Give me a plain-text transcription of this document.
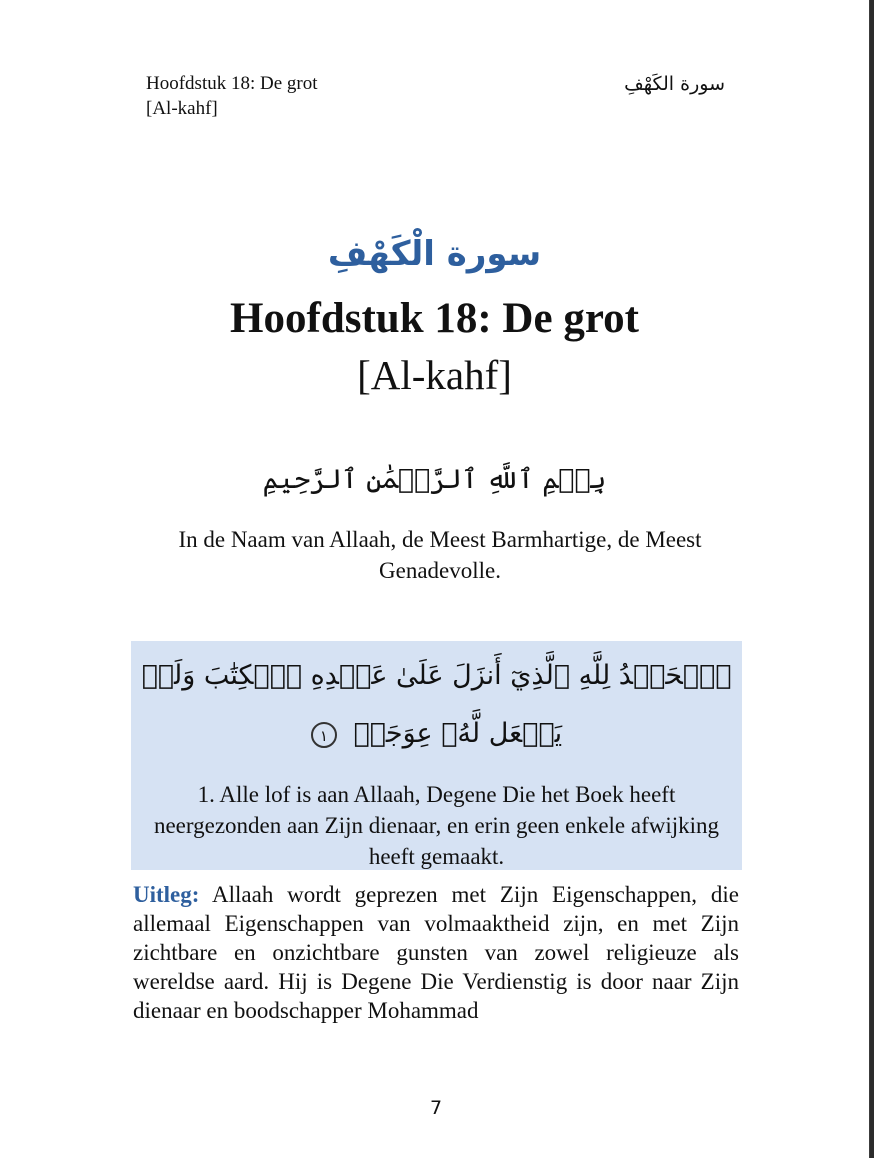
Hoofdstuk 18: De grot
[Al-kahf]
سورة الكَهْفِ
سورة الْكَهْفِ
Hoofdstuk 18: De grot
[Al-kahf]
بِسۡمِ ٱللَّهِ ٱلرَّحۡمَٰنِ ٱلرَّحِيمِ
In de Naam van Allaah, de Meest Barmhartige, de Meest Genadevolle.
ٱلۡحَمۡدُ لِلَّهِ ٱلَّذِيٓ أَنزَلَ عَلَىٰ عَبۡدِهِ ٱلۡكِتَٰبَ وَلَمۡ يَجۡعَل لَّهُۥ عِوَجَاۜ ١
1. Alle lof is aan Allaah, Degene Die het Boek heeft neergezonden aan Zijn dienaar, en erin geen enkele afwijking heeft gemaakt.
Uitleg: Allaah wordt geprezen met Zijn Eigenschappen, die allemaal Eigenschappen van volmaaktheid zijn, en met Zijn zichtbare en onzichtbare gunsten van zowel religieuze als wereldse aard. Hij is Degene Die Verdienstig is door naar Zijn dienaar en boodschapper Mohammad
7
